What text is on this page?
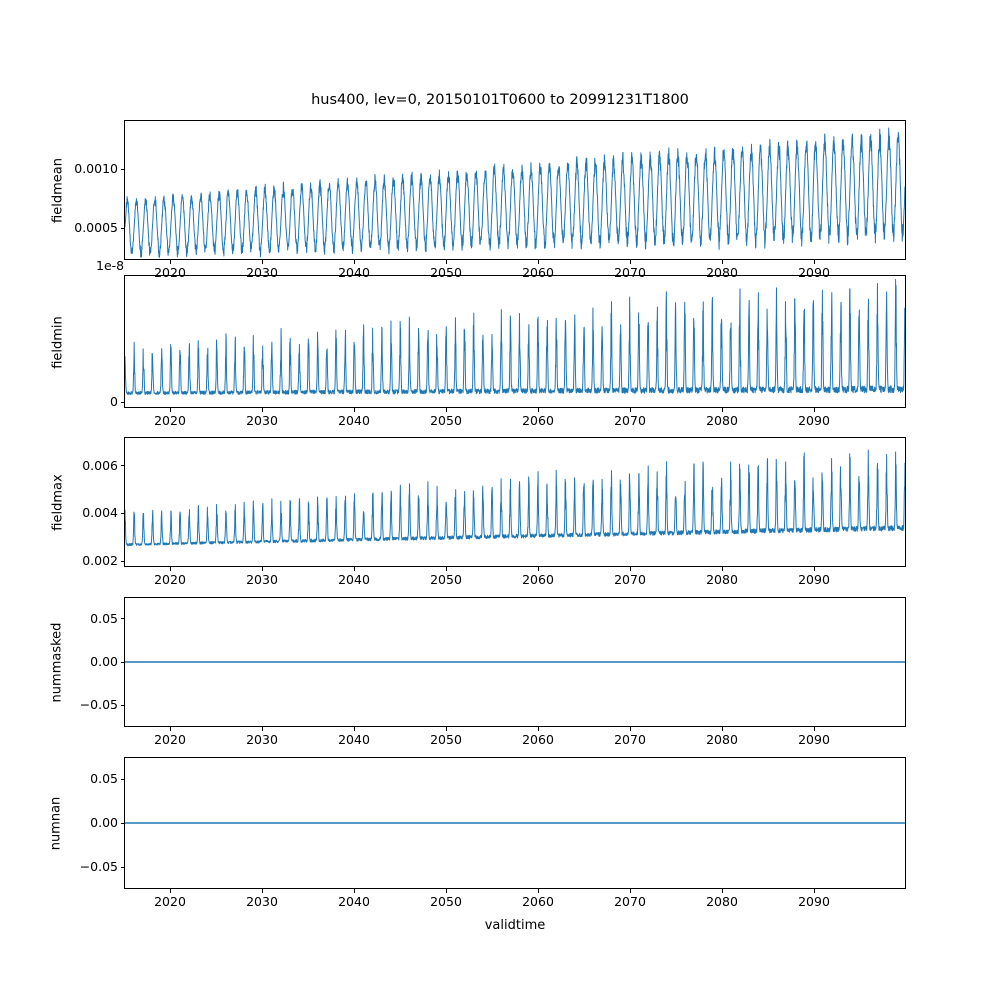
hus400, lev=0, 20150101T0600 to 20991231T1800
fieldmean
fieldmin
1e-8
fieldmax
nummasked
numnan
validtime
2020	2030	2040	2050	2060	2070	2080	2090
0.0005
0.0010
2020	2030	2040	2050	2060	2070	2080	2090
0
2020	2030	2040	2050	2060	2070	2080	2090
0.002
0.004
0.006
2020	2030	2040	2050	2060	2070	2080	2090
−0.05
0.00
0.05
2020	2030	2040	2050	2060	2070	2080	2090
−0.05
0.00
0.05
